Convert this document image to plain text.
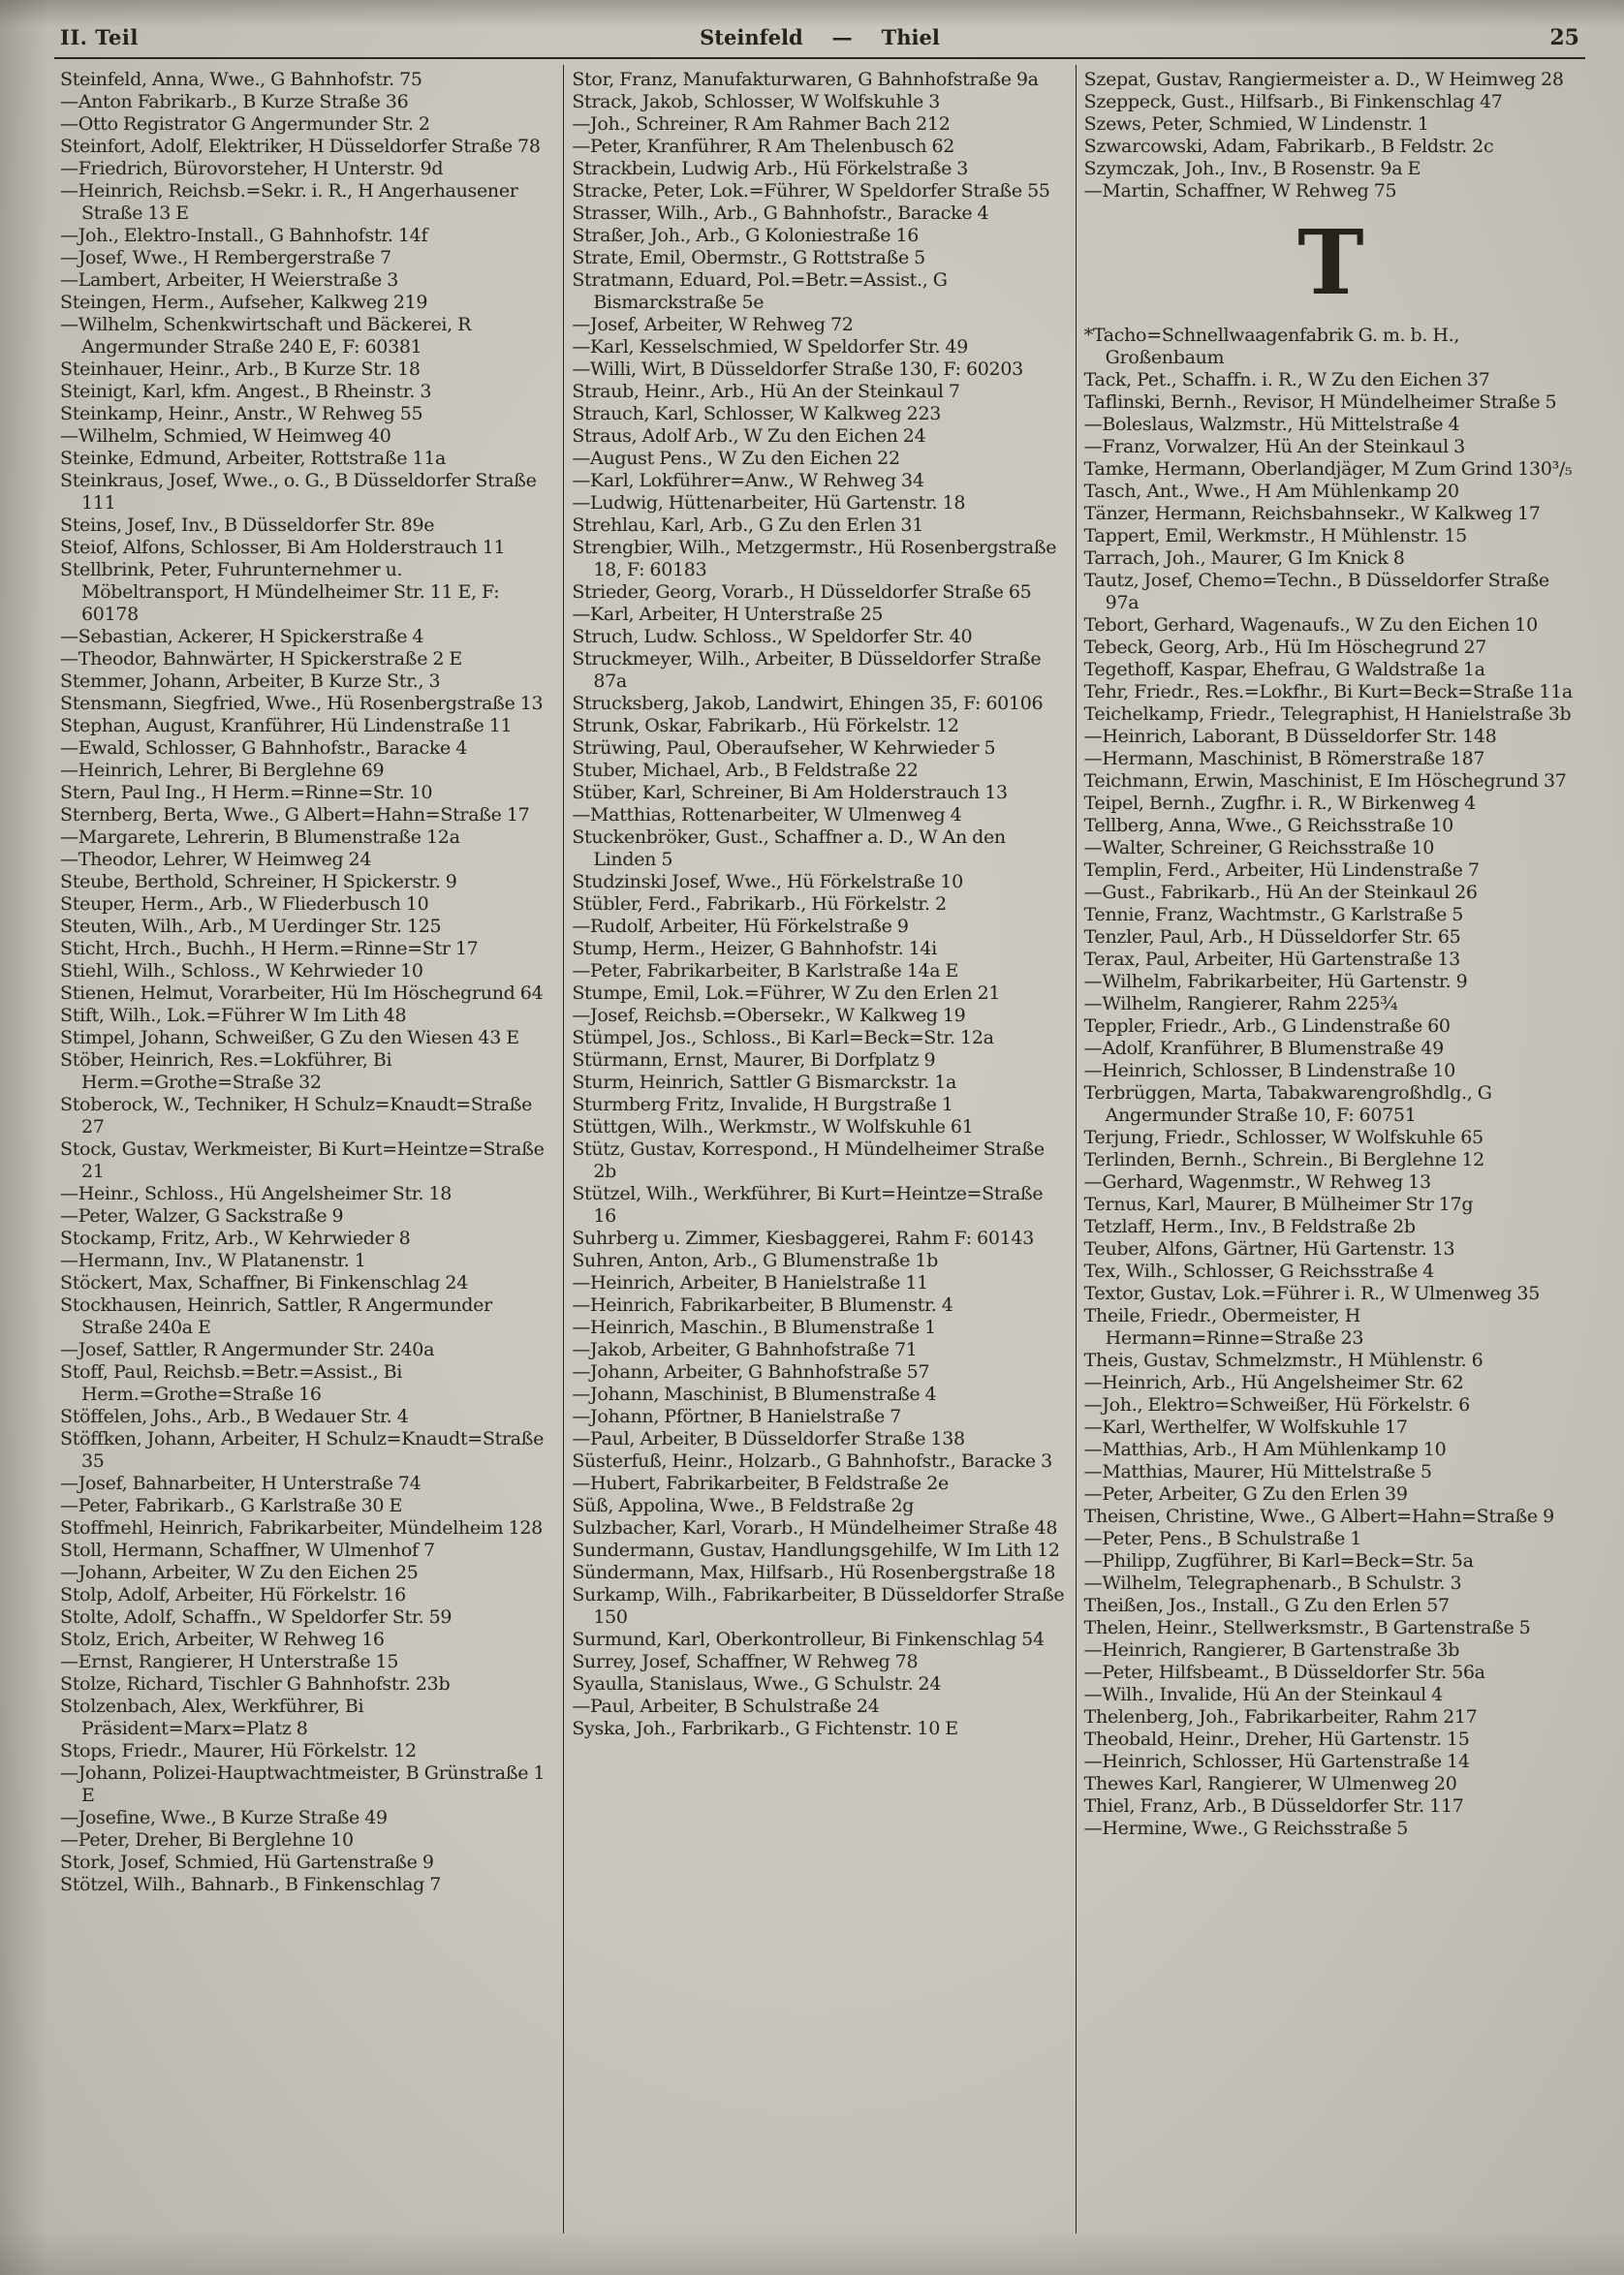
II. Teil	Steinfeld — Thiel	25
Steinfeld, Anna, Wwe., G Bahnhofstr. 75
—Anton Fabrikarb., B Kurze Straße 36
—Otto Registrator G Angermunder Str. 2
Steinfort, Adolf, Elektriker, H Düsseldorfer Straße 78
—Friedrich, Bürovorsteher, H Unterstr. 9d
—Heinrich, Reichsb.=Sekr. i. R., H Angerhausener Straße 13 E
—Joh., Elektro-Install., G Bahnhofstr. 14f
—Josef, Wwe., H Rembergerstraße 7
—Lambert, Arbeiter, H Weierstraße 3
Steingen, Herm., Aufseher, Kalkweg 219
—Wilhelm, Schenkwirtschaft und Bäckerei, R Angermunder Straße 240 E, F: 60381
Steinhauer, Heinr., Arb., B Kurze Str. 18
Steinigt, Karl, kfm. Angest., B Rheinstr. 3
Steinkamp, Heinr., Anstr., W Rehweg 55
—Wilhelm, Schmied, W Heimweg 40
Steinke, Edmund, Arbeiter, Rottstraße 11a
Steinkraus, Josef, Wwe., o. G., B Düsseldorfer Straße 111
Steins, Josef, Inv., B Düsseldorfer Str. 89e
Steiof, Alfons, Schlosser, Bi Am Holderstrauch 11
Stellbrink, Peter, Fuhrunternehmer u. Möbeltransport, H Mündelheimer Str. 11 E, F: 60178
—Sebastian, Ackerer, H Spickerstraße 4
—Theodor, Bahnwärter, H Spickerstraße 2 E
Stemmer, Johann, Arbeiter, B Kurze Str., 3
Stensmann, Siegfried, Wwe., Hü Rosenbergstraße 13
Stephan, August, Kranführer, Hü Lindenstraße 11
—Ewald, Schlosser, G Bahnhofstr., Baracke 4
—Heinrich, Lehrer, Bi Berglehne 69
Stern, Paul Ing., H Herm.=Rinne=Str. 10
Sternberg, Berta, Wwe., G Albert=Hahn=Straße 17
—Margarete, Lehrerin, B Blumenstraße 12a
—Theodor, Lehrer, W Heimweg 24
Steube, Berthold, Schreiner, H Spickerstr. 9
Steuper, Herm., Arb., W Fliederbusch 10
Steuten, Wilh., Arb., M Uerdinger Str. 125
Sticht, Hrch., Buchh., H Herm.=Rinne=Str 17
Stiehl, Wilh., Schloss., W Kehrwieder 10
Stienen, Helmut, Vorarbeiter, Hü Im Höschegrund 64
Stift, Wilh., Lok.=Führer W Im Lith 48
Stimpel, Johann, Schweißer, G Zu den Wiesen 43 E
Stöber, Heinrich, Res.=Lokführer, Bi Herm.=Grothe=Straße 32
Stoberock, W., Techniker, H Schulz=Knaudt=Straße 27
Stock, Gustav, Werkmeister, Bi Kurt=Heintze=Straße 21
—Heinr., Schloss., Hü Angelsheimer Str. 18
—Peter, Walzer, G Sackstraße 9
Stockamp, Fritz, Arb., W Kehrwieder 8
—Hermann, Inv., W Platanenstr. 1
Stöckert, Max, Schaffner, Bi Finkenschlag 24
Stockhausen, Heinrich, Sattler, R Angermunder Straße 240a E
—Josef, Sattler, R Angermunder Str. 240a
Stoff, Paul, Reichsb.=Betr.=Assist., Bi Herm.=Grothe=Straße 16
Stöffelen, Johs., Arb., B Wedauer Str. 4
Stöffken, Johann, Arbeiter, H Schulz=Knaudt=Straße 35
—Josef, Bahnarbeiter, H Unterstraße 74
—Peter, Fabrikarb., G Karlstraße 30 E
Stoffmehl, Heinrich, Fabrikarbeiter, Mündelheim 128
Stoll, Hermann, Schaffner, W Ulmenhof 7
—Johann, Arbeiter, W Zu den Eichen 25
Stolp, Adolf, Arbeiter, Hü Förkelstr. 16
Stolte, Adolf, Schaffn., W Speldorfer Str. 59
Stolz, Erich, Arbeiter, W Rehweg 16
—Ernst, Rangierer, H Unterstraße 15
Stolze, Richard, Tischler G Bahnhofstr. 23b
Stolzenbach, Alex, Werkführer, Bi Präsident=Marx=Platz 8
Stops, Friedr., Maurer, Hü Förkelstr. 12
—Johann, Polizei-Hauptwachtmeister, B Grünstraße 1 E
—Josefine, Wwe., B Kurze Straße 49
—Peter, Dreher, Bi Berglehne 10
Stork, Josef, Schmied, Hü Gartenstraße 9
Stötzel, Wilh., Bahnarb., B Finkenschlag 7
Stor, Franz, Manufakturwaren, G Bahnhofstraße 9a
Strack, Jakob, Schlosser, W Wolfskuhle 3
—Joh., Schreiner, R Am Rahmer Bach 212
—Peter, Kranführer, R Am Thelenbusch 62
Strackbein, Ludwig Arb., Hü Förkelstraße 3
Stracke, Peter, Lok.=Führer, W Speldorfer Straße 55
Strasser, Wilh., Arb., G Bahnhofstr., Baracke 4
Straßer, Joh., Arb., G Koloniestraße 16
Strate, Emil, Obermstr., G Rottstraße 5
Stratmann, Eduard, Pol.=Betr.=Assist., G Bismarckstraße 5e
—Josef, Arbeiter, W Rehweg 72
—Karl, Kesselschmied, W Speldorfer Str. 49
—Willi, Wirt, B Düsseldorfer Straße 130, F: 60203
Straub, Heinr., Arb., Hü An der Steinkaul 7
Strauch, Karl, Schlosser, W Kalkweg 223
Straus, Adolf Arb., W Zu den Eichen 24
—August Pens., W Zu den Eichen 22
—Karl, Lokführer=Anw., W Rehweg 34
—Ludwig, Hüttenarbeiter, Hü Gartenstr. 18
Strehlau, Karl, Arb., G Zu den Erlen 31
Strengbier, Wilh., Metzgermstr., Hü Rosenbergstraße 18, F: 60183
Strieder, Georg, Vorarb., H Düsseldorfer Straße 65
—Karl, Arbeiter, H Unterstraße 25
Struch, Ludw. Schloss., W Speldorfer Str. 40
Struckmeyer, Wilh., Arbeiter, B Düsseldorfer Straße 87a
Strucksberg, Jakob, Landwirt, Ehingen 35, F: 60106
Strunk, Oskar, Fabrikarb., Hü Förkelstr. 12
Strüwing, Paul, Oberaufseher, W Kehrwieder 5
Stuber, Michael, Arb., B Feldstraße 22
Stüber, Karl, Schreiner, Bi Am Holderstrauch 13
—Matthias, Rottenarbeiter, W Ulmenweg 4
Stuckenbröker, Gust., Schaffner a. D., W An den Linden 5
Studzinski Josef, Wwe., Hü Förkelstraße 10
Stübler, Ferd., Fabrikarb., Hü Förkelstr. 2
—Rudolf, Arbeiter, Hü Förkelstraße 9
Stump, Herm., Heizer, G Bahnhofstr. 14i
—Peter, Fabrikarbeiter, B Karlstraße 14a E
Stumpe, Emil, Lok.=Führer, W Zu den Erlen 21
—Josef, Reichsb.=Obersekr., W Kalkweg 19
Stümpel, Jos., Schloss., Bi Karl=Beck=Str. 12a
Stürmann, Ernst, Maurer, Bi Dorfplatz 9
Sturm, Heinrich, Sattler G Bismarckstr. 1a
Sturmberg Fritz, Invalide, H Burgstraße 1
Stüttgen, Wilh., Werkmstr., W Wolfskuhle 61
Stütz, Gustav, Korrespond., H Mündelheimer Straße 2b
Stützel, Wilh., Werkführer, Bi Kurt=Heintze=Straße 16
Suhrberg u. Zimmer, Kiesbaggerei, Rahm F: 60143
Suhren, Anton, Arb., G Blumenstraße 1b
—Heinrich, Arbeiter, B Hanielstraße 11
—Heinrich, Fabrikarbeiter, B Blumenstr. 4
—Heinrich, Maschin., B Blumenstraße 1
—Jakob, Arbeiter, G Bahnhofstraße 71
—Johann, Arbeiter, G Bahnhofstraße 57
—Johann, Maschinist, B Blumenstraße 4
—Johann, Pförtner, B Hanielstraße 7
—Paul, Arbeiter, B Düsseldorfer Straße 138
Süsterfuß, Heinr., Holzarb., G Bahnhofstr., Baracke 3
—Hubert, Fabrikarbeiter, B Feldstraße 2e
Süß, Appolina, Wwe., B Feldstraße 2g
Sulzbacher, Karl, Vorarb., H Mündelheimer Straße 48
Sundermann, Gustav, Handlungsgehilfe, W Im Lith 12
Sündermann, Max, Hilfsarb., Hü Rosenbergstraße 18
Surkamp, Wilh., Fabrikarbeiter, B Düsseldorfer Straße 150
Surmund, Karl, Oberkontrolleur, Bi Finkenschlag 54
Surrey, Josef, Schaffner, W Rehweg 78
Syaulla, Stanislaus, Wwe., G Schulstr. 24
—Paul, Arbeiter, B Schulstraße 24
Syska, Joh., Farbrikarb., G Fichtenstr. 10 E
Szepat, Gustav, Rangiermeister a. D., W Heimweg 28
Szeppeck, Gust., Hilfsarb., Bi Finkenschlag 47
Szews, Peter, Schmied, W Lindenstr. 1
Szwarcowski, Adam, Fabrikarb., B Feldstr. 2c
Szymczak, Joh., Inv., B Rosenstr. 9a E
—Martin, Schaffner, W Rehweg 75
T
*Tacho=Schnellwaagenfabrik G. m. b. H., Großenbaum
Tack, Pet., Schaffn. i. R., W Zu den Eichen 37
Taflinski, Bernh., Revisor, H Mündelheimer Straße 5
—Boleslaus, Walzmstr., Hü Mittelstraße 4
—Franz, Vorwalzer, Hü An der Steinkaul 3
Tamke, Hermann, Oberlandjäger, M Zum Grind 130³/₅
Tasch, Ant., Wwe., H Am Mühlenkamp 20
Tänzer, Hermann, Reichsbahnsekr., W Kalkweg 17
Tappert, Emil, Werkmstr., H Mühlenstr. 15
Tarrach, Joh., Maurer, G Im Knick 8
Tautz, Josef, Chemo=Techn., B Düsseldorfer Straße 97a
Tebort, Gerhard, Wagenaufs., W Zu den Eichen 10
Tebeck, Georg, Arb., Hü Im Höschegrund 27
Tegethoff, Kaspar, Ehefrau, G Waldstraße 1a
Tehr, Friedr., Res.=Lokfhr., Bi Kurt=Beck=Straße 11a
Teichelkamp, Friedr., Telegraphist, H Hanielstraße 3b
—Heinrich, Laborant, B Düsseldorfer Str. 148
—Hermann, Maschinist, B Römerstraße 187
Teichmann, Erwin, Maschinist, E Im Höschegrund 37
Teipel, Bernh., Zugfhr. i. R., W Birkenweg 4
Tellberg, Anna, Wwe., G Reichsstraße 10
—Walter, Schreiner, G Reichsstraße 10
Templin, Ferd., Arbeiter, Hü Lindenstraße 7
—Gust., Fabrikarb., Hü An der Steinkaul 26
Tennie, Franz, Wachtmstr., G Karlstraße 5
Tenzler, Paul, Arb., H Düsseldorfer Str. 65
Terax, Paul, Arbeiter, Hü Gartenstraße 13
—Wilhelm, Fabrikarbeiter, Hü Gartenstr. 9
—Wilhelm, Rangierer, Rahm 225¾
Teppler, Friedr., Arb., G Lindenstraße 60
—Adolf, Kranführer, B Blumenstraße 49
—Heinrich, Schlosser, B Lindenstraße 10
Terbrüggen, Marta, Tabakwarengroßhdlg., G Angermunder Straße 10, F: 60751
Terjung, Friedr., Schlosser, W Wolfskuhle 65
Terlinden, Bernh., Schrein., Bi Berglehne 12
—Gerhard, Wagenmstr., W Rehweg 13
Ternus, Karl, Maurer, B Mülheimer Str 17g
Tetzlaff, Herm., Inv., B Feldstraße 2b
Teuber, Alfons, Gärtner, Hü Gartenstr. 13
Tex, Wilh., Schlosser, G Reichsstraße 4
Textor, Gustav, Lok.=Führer i. R., W Ulmenweg 35
Theile, Friedr., Obermeister, H Hermann=Rinne=Straße 23
Theis, Gustav, Schmelzmstr., H Mühlenstr. 6
—Heinrich, Arb., Hü Angelsheimer Str. 62
—Joh., Elektro=Schweißer, Hü Förkelstr. 6
—Karl, Werthelfer, W Wolfskuhle 17
—Matthias, Arb., H Am Mühlenkamp 10
—Matthias, Maurer, Hü Mittelstraße 5
—Peter, Arbeiter, G Zu den Erlen 39
Theisen, Christine, Wwe., G Albert=Hahn=Straße 9
—Peter, Pens., B Schulstraße 1
—Philipp, Zugführer, Bi Karl=Beck=Str. 5a
—Wilhelm, Telegraphenarb., B Schulstr. 3
Theißen, Jos., Install., G Zu den Erlen 57
Thelen, Heinr., Stellwerksmstr., B Gartenstraße 5
—Heinrich, Rangierer, B Gartenstraße 3b
—Peter, Hilfsbeamt., B Düsseldorfer Str. 56a
—Wilh., Invalide, Hü An der Steinkaul 4
Thelenberg, Joh., Fabrikarbeiter, Rahm 217
Theobald, Heinr., Dreher, Hü Gartenstr. 15
—Heinrich, Schlosser, Hü Gartenstraße 14
Thewes Karl, Rangierer, W Ulmenweg 20
Thiel, Franz, Arb., B Düsseldorfer Str. 117
—Hermine, Wwe., G Reichsstraße 5
